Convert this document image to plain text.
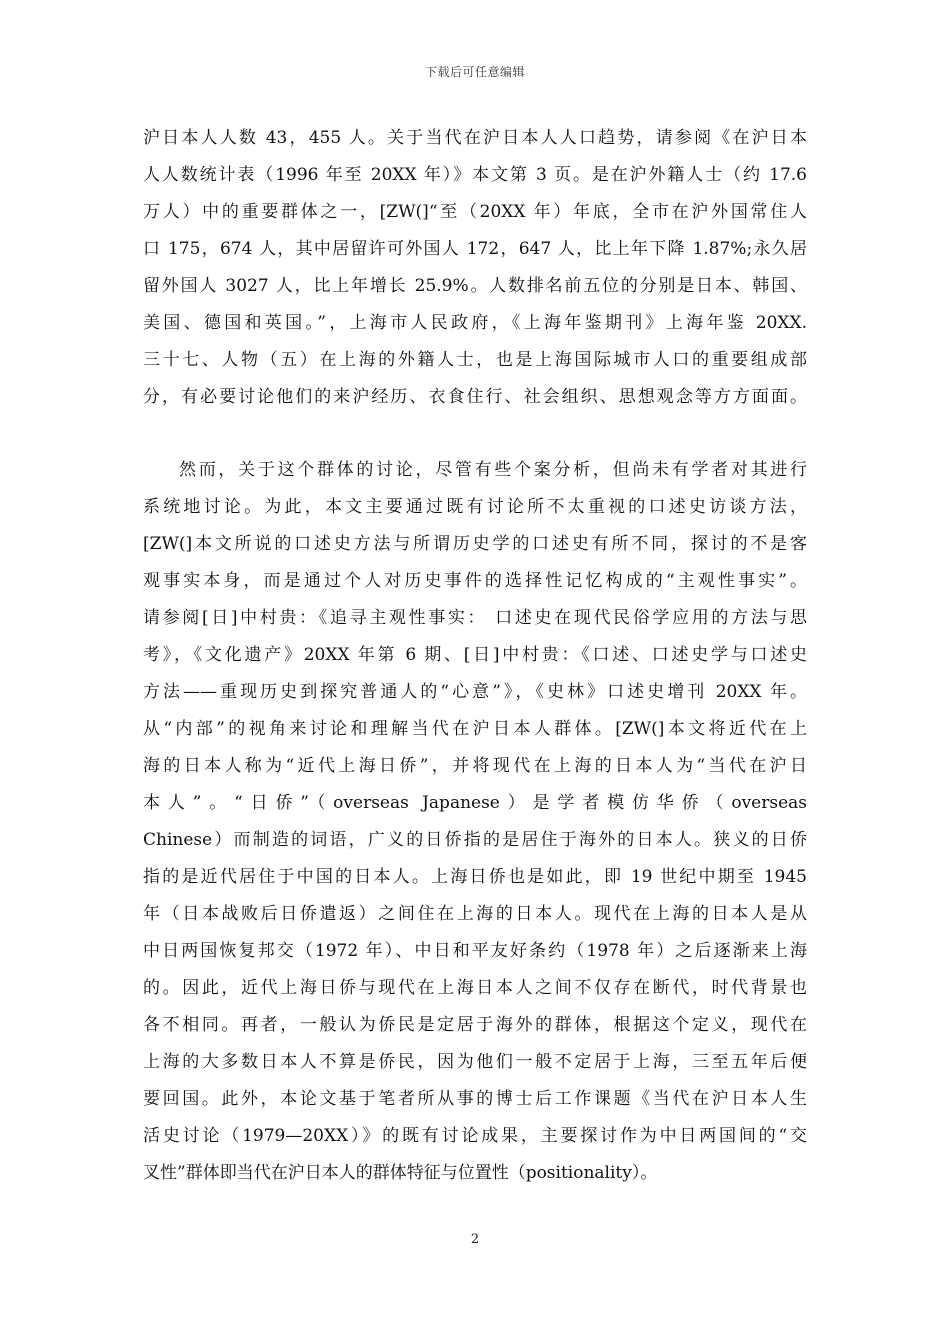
下载后可任意编辑
沪日本人人数 43，455 人。关于当代在沪日本人人口趋势，请参阅《在沪日本
人人数统计表（1996 年至 20XX 年）》本文第 3 页。是在沪外籍人士（约 17.6
万人）中的重要群体之一，[ZW(]“至（20XX 年）年底，全市在沪外国常住人
口 175，674 人，其中居留许可外国人 172，647 人，比上年下降 1.87%;永久居
留外国人 3027 人，比上年增长 25.9%。人数排名前五位的分别是日本、韩国、
美国、德国和英国。”，上海市人民政府，《上海年鉴期刊》上海年鉴 20XX.
三十七、人物（五）在上海的外籍人士，也是上海国际城市人口的重要组成部
分，有必要讨论他们的来沪经历、衣食住行、社会组织、思想观念等方方面面。
然而，关于这个群体的讨论，尽管有些个案分析，但尚未有学者对其进行
系统地讨论。为此，本文主要通过既有讨论所不太重视的口述史访谈方法，
[ZW(]本文所说的口述史方法与所谓历史学的口述史有所不同，探讨的不是客
观事实本身，而是通过个人对历史事件的选择性记忆构成的“主观性事实”。
请参阅[日]中村贵：《追寻主观性事实： 口述史在现代民俗学应用的方法与思
考》，《文化遗产》20XX 年第 6 期、[日]中村贵：《口述、口述史学与口述史
方法——重现历史到探究普通人的“心意”》，《史林》口述史增刊 20XX 年。
从“内部”的视角来讨论和理解当代在沪日本人群体。[ZW(]本文将近代在上
海的日本人称为“近代上海日侨”，并将现代在上海的日本人为“当代在沪日
本人”。“日侨”（overseas Japanese）是学者模仿华侨（overseas
Chinese）而制造的词语，广义的日侨指的是居住于海外的日本人。狭义的日侨
指的是近代居住于中国的日本人。上海日侨也是如此，即 19 世纪中期至 1945
年（日本战败后日侨遣返）之间住在上海的日本人。现代在上海的日本人是从
中日两国恢复邦交（1972 年）、中日和平友好条约（1978 年）之后逐渐来上海
的。因此，近代上海日侨与现代在上海日本人之间不仅存在断代，时代背景也
各不相同。再者，一般认为侨民是定居于海外的群体，根据这个定义，现代在
上海的大多数日本人不算是侨民，因为他们一般不定居于上海，三至五年后便
要回国。此外，本论文基于笔者所从事的博士后工作课题《当代在沪日本人生
活史讨论（1979—20XX）》的既有讨论成果，主要探讨作为中日两国间的“交
叉性”群体即当代在沪日本人的群体特征与位置性（positionality）。
2
